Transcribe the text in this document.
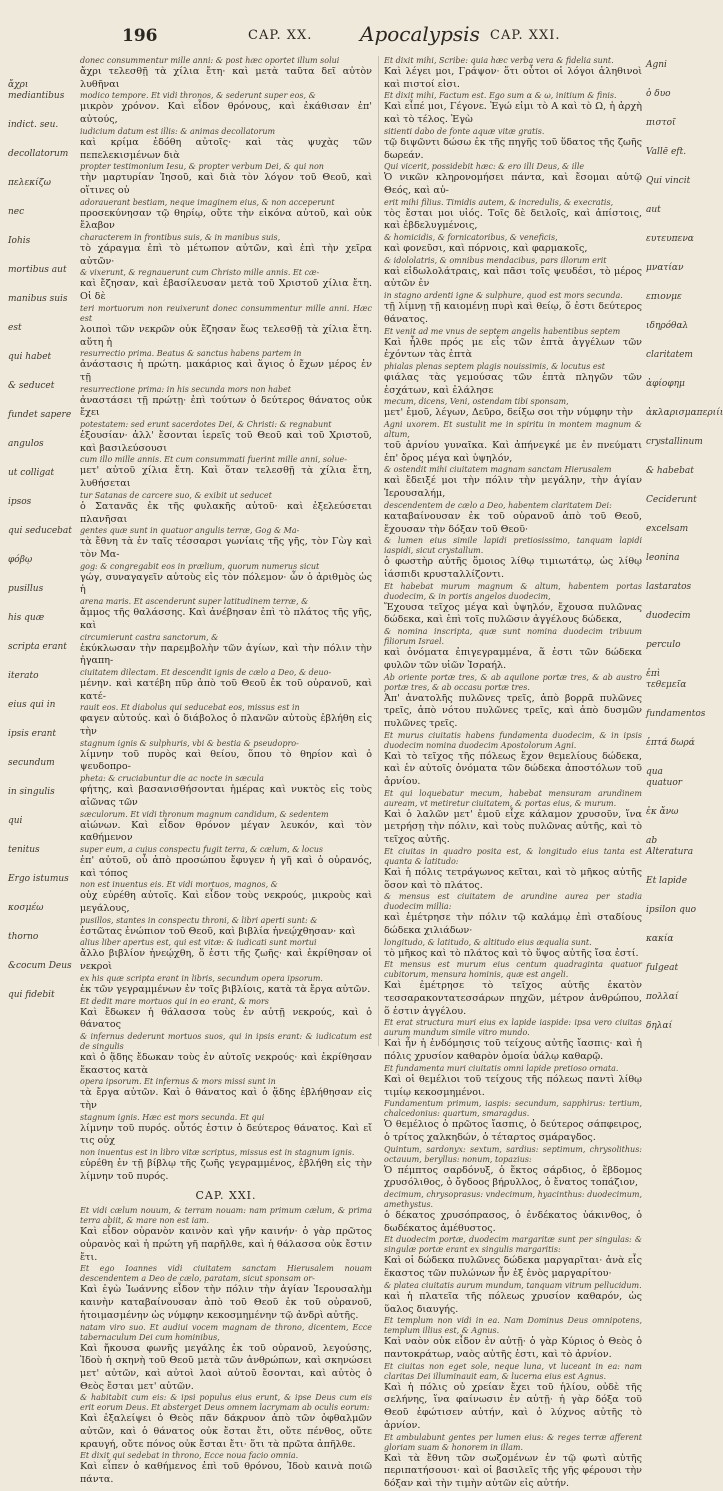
196	CAP. XX. Apocalypsis CAP. XXI.
ἄχρι mediantibus
indict. seu.
decollatorum
πελεκίζω
nec
Iohis
mortibus aut
manibus suis
est
qui habet
& seducet
fundet sapere
angulos
ut colligat
ipsos
qui seducebat
φόβῳ
pusillus
his quæ
scripta erant
iterato
eius qui in
ipsis erant
secundum
in singulis
qui
tenitus
Ergo istumus
κοσμέω
thorno
&cocum Deus
qui fidebit
Agni
ὁ δυο
πιστοῖ
Vallē eft.
Qui vincit
aut
ευτευπενα
μνατίαν
επιονμε
ιδηρόθαλ
claritatem
ἀφίοφημ
ἀκλαρισμαπεριίι
crystallinum
& habebat
Ceciderunt
excelsam
leonina
lastaratos
duodecim
perculo
ἐπὶ τεθεμεῖα
fundamentos
ἑπτά δωρά
qua quatuor
ἐκ ἄνω
ab Alteratura
Et lapide
ipsilon quo
κακία
fulgeat
πολλαί
δηλαί
donec consummentur mille anni: & post hæc oportet illum solui
ἄχρι τελεσθῇ τὰ χίλια ἔτη· καὶ μετὰ ταῦτα δεῖ αὐτὸν λυθῆναι
modico tempore. Et vidi thronos, & sederunt super eos, &
μικρὸν χρόνον. Καὶ εἶδον θρόνους, καὶ ἐκάθισαν ἐπ' αὐτούς,
iudicium datum est illis: & animas decollatorum
καὶ κρίμα ἐδόθη αὐτοῖς· καὶ τὰς ψυχὰς τῶν πεπελεκισμένων διὰ
propter testimonium Iesu, & propter verbum Dei, & qui non
τὴν μαρτυρίαν Ἰησοῦ, καὶ διὰ τὸν λόγον τοῦ Θεοῦ, καὶ οἵτινες οὐ
adorauerant bestiam, neque imaginem eius, & non acceperunt
προσεκύνησαν τῷ θηρίῳ, οὔτε τὴν εἰκόνα αὐτοῦ, καὶ οὐκ ἔλαβον
characterem in frontibus suis, & in manibus suis,
τὸ χάραγμα ἐπὶ τὸ μέτωπον αὐτῶν, καὶ ἐπὶ τὴν χεῖρα αὐτῶν·
& vixerunt, & regnauerunt cum Christo mille annis. Et cæ-
καὶ ἔζησαν, καὶ ἐβασίλευσαν μετὰ τοῦ Χριστοῦ χίλια ἔτη. Οἱ δὲ
teri mortuorum non reuixerunt donec consummentur mille anni. Hæc est
λοιποὶ τῶν νεκρῶν οὐκ ἔζησαν ἕως τελεσθῇ τὰ χίλια ἔτη. αὕτη ἡ
resurrectio prima. Beatus & sanctus habens partem in
ἀνάστασις ἡ πρώτη. μακάριος καὶ ἅγιος ὁ ἔχων μέρος ἐν τῇ
resurrectione prima: in his secunda mors non habet
ἀναστάσει τῇ πρώτῃ· ἐπὶ τούτων ὁ δεύτερος θάνατος οὐκ ἔχει
potestatem: sed erunt sacerdotes Dei, & Christi: & regnabunt
ἐξουσίαν· ἀλλ' ἔσονται ἱερεῖς τοῦ Θεοῦ καὶ τοῦ Χριστοῦ, καὶ βασιλεύσουσι
cum illo mille annis. Et cum consummati fuerint mille anni, solue-
μετ' αὐτοῦ χίλια ἔτη. Καὶ ὅταν τελεσθῇ τὰ χίλια ἔτη, λυθήσεται
tur Satanas de carcere suo, & exibit ut seducet
ὁ Σατανᾶς ἐκ τῆς φυλακῆς αὐτοῦ· καὶ ἐξελεύσεται πλανῆσαι
gentes quæ sunt in quatuor angulis terræ, Gog & Ma-
τὰ ἔθνη τὰ ἐν ταῖς τέσσαρσι γωνίαις τῆς γῆς, τὸν Γὼγ καὶ τὸν Μα-
gog: & congregabit eos in prælium, quorum numerus sicut
γώγ, συναγαγεῖν αὐτοὺς εἰς τὸν πόλεμον· ὧν ὁ ἀριθμὸς ὡς ἡ
arena maris. Et ascenderunt super latitudinem terræ, &
ἄμμος τῆς θαλάσσης. Καὶ ἀνέβησαν ἐπὶ τὸ πλάτος τῆς γῆς, καὶ
circumierunt castra sanctorum, &
ἐκύκλωσαν τὴν παρεμβολὴν τῶν ἁγίων, καὶ τὴν πόλιν τὴν ἠγαπη-
ciuitatem dilectam. Et descendit ignis de cælo a Deo, & deuo-
μένην. καὶ κατέβη πῦρ ἀπὸ τοῦ Θεοῦ ἐκ τοῦ οὐρανοῦ, καὶ κατέ-
rauit eos. Et diabolus qui seducebat eos, missus est in
φαγεν αὐτούς. καὶ ὁ διάβολος ὁ πλανῶν αὐτοὺς ἐβλήθη εἰς τὴν
stagnum ignis & sulphuris, vbi & bestia & pseudopro-
λίμνην τοῦ πυρὸς καὶ θείου, ὅπου τὸ θηρίον καὶ ὁ ψευδοπρο-
pheta: & cruciabuntur die ac nocte in sæcula
φήτης, καὶ βασανισθήσονται ἡμέρας καὶ νυκτὸς εἰς τοὺς αἰῶνας τῶν
sæculorum. Et vidi thronum magnum candidum, & sedentem
αἰώνων. Καὶ εἶδον θρόνον μέγαν λευκόν, καὶ τὸν καθήμενον
super eum, a cuius conspectu fugit terra, & cælum, & locus
ἐπ' αὐτοῦ, οὗ ἀπὸ προσώπου ἔφυγεν ἡ γῆ καὶ ὁ οὐρανός, καὶ τόπος
non est inuentus eis. Et vidi mortuos, magnos, &
οὐχ εὑρέθη αὐτοῖς. Καὶ εἶδον τοὺς νεκρούς, μικροὺς καὶ μεγάλους,
pusillos, stantes in conspectu throni, & libri aperti sunt: &
ἑστῶτας ἐνώπιον τοῦ Θεοῦ, καὶ βιβλία ἠνεῴχθησαν· καὶ
alius liber apertus est, qui est vitæ: & iudicati sunt mortui
ἄλλο βιβλίον ἠνεῴχθη, ὅ ἐστι τῆς ζωῆς· καὶ ἐκρίθησαν οἱ νεκροὶ
ex his quæ scripta erant in libris, secundum opera ipsorum.
ἐκ τῶν γεγραμμένων ἐν τοῖς βιβλίοις, κατὰ τὰ ἔργα αὐτῶν.
Et dedit mare mortuos qui in eo erant, & mors
Καὶ ἔδωκεν ἡ θάλασσα τοὺς ἐν αὐτῇ νεκρούς, καὶ ὁ θάνατος
& infernus dederunt mortuos suos, qui in ipsis erant: & iudicatum est de singulis
καὶ ὁ ᾅδης ἔδωκαν τοὺς ἐν αὐτοῖς νεκρούς· καὶ ἐκρίθησαν ἕκαστος κατὰ
opera ipsorum. Et infernus & mors missi sunt in
τὰ ἔργα αὐτῶν. Καὶ ὁ θάνατος καὶ ὁ ᾅδης ἐβλήθησαν εἰς τὴν
stagnum ignis. Hæc est mors secunda. Et qui
λίμνην τοῦ πυρός. οὗτός ἐστιν ὁ δεύτερος θάνατος. Καὶ εἴ τις οὐχ
non inuentus est in libro vitæ scriptus, missus est in stagnum ignis.
εὑρέθη ἐν τῇ βίβλῳ τῆς ζωῆς γεγραμμένος, ἐβλήθη εἰς τὴν λίμνην τοῦ πυρός.
CAP. XXI.
Et vidi cælum nouum, & terram nouam: nam primum cælum, & prima terra abiit, & mare non est iam.
Καὶ εἶδον οὐρανὸν καινὸν καὶ γῆν καινήν· ὁ γὰρ πρῶτος οὐρανὸς καὶ ἡ πρώτη γῆ παρῆλθε, καὶ ἡ θάλασσα οὐκ ἔστιν ἔτι.
Et ego Ioannes vidi ciuitatem sanctam Hierusalem nouam descendentem a Deo de cælo, paratam, sicut sponsam or-
Καὶ ἐγὼ Ἰωάννης εἶδον τὴν πόλιν τὴν ἁγίαν Ἱερουσαλὴμ καινὴν καταβαίνουσαν ἀπὸ τοῦ Θεοῦ ἐκ τοῦ οὐρανοῦ, ἡτοιμασμένην ὡς νύμφην κεκοσμημένην τῷ ἀνδρὶ αὐτῆς.
natam viro suo. Et audiui vocem magnam de throno, dicentem, Ecce tabernaculum Dei cum hominibus,
Καὶ ἤκουσα φωνῆς μεγάλης ἐκ τοῦ οὐρανοῦ, λεγούσης, Ἰδοὺ ἡ σκηνὴ τοῦ Θεοῦ μετὰ τῶν ἀνθρώπων, καὶ σκηνώσει μετ' αὐτῶν, καὶ αὐτοὶ λαοὶ αὐτοῦ ἔσονται, καὶ αὐτὸς ὁ Θεὸς ἔσται μετ' αὐτῶν.
& habitabit cum eis: & ipsi populus eius erunt, & ipse Deus cum eis erit eorum Deus. Et absterget Deus omnem lacrymam ab oculis eorum:
Καὶ ἐξαλείψει ὁ Θεὸς πᾶν δάκρυον ἀπὸ τῶν ὀφθαλμῶν αὐτῶν, καὶ ὁ θάνατος οὐκ ἔσται ἔτι, οὔτε πένθος, οὔτε κραυγή, οὔτε πόνος οὐκ ἔσται ἔτι· ὅτι τὰ πρῶτα ἀπῆλθε.
Et dixit qui sedebat in throno, Ecce noua facio omnia.
Καὶ εἶπεν ὁ καθήμενος ἐπὶ τοῦ θρόνου, Ἰδοὺ καινὰ ποιῶ πάντα.
Et dixit mihi, Scribe: quia hæc verba vera & fidelia sunt.
Καὶ λέγει μοι, Γράψον· ὅτι οὗτοι οἱ λόγοι ἀληθινοὶ καὶ πιστοί εἰσι.
Et dixit mihi, Factum est. Ego sum α & ω, initium & finis.
Καὶ εἶπέ μοι, Γέγονε. Ἐγώ εἰμι τὸ Α καὶ τὸ Ω, ἡ ἀρχὴ καὶ τὸ τέλος. Ἐγὼ
sitienti dabo de fonte aquæ vitæ gratis.
τῷ διψῶντι δώσω ἐκ τῆς πηγῆς τοῦ ὕδατος τῆς ζωῆς δωρεάν.
Qui vicerit, possidebit hæc: & ero illi Deus, & ille
Ὁ νικῶν κληρονομήσει πάντα, καὶ ἔσομαι αὐτῷ Θεός, καὶ αὐ-
erit mihi filius. Timidis autem, & incredulis, & execratis,
τὸς ἔσται μοι υἱός. Τοῖς δὲ δειλοῖς, καὶ ἀπίστοις, καὶ ἐβδελυγμένοις,
& homicidis, & fornicatoribus, & veneficis,
καὶ φονεῦσι, καὶ πόρνοις, καὶ φαρμακοῖς,
& idololatris, & omnibus mendacibus, pars illorum erit
καὶ εἰδωλολάτραις, καὶ πᾶσι τοῖς ψευδέσι, τὸ μέρος αὐτῶν ἐν
in stagno ardenti igne & sulphure, quod est mors secunda.
τῇ λίμνῃ τῇ καιομένῃ πυρὶ καὶ θείῳ, ὅ ἐστι δεύτερος θάνατος.
Et venit ad me vnus de septem angelis habentibus septem
Καὶ ἦλθε πρός με εἷς τῶν ἑπτὰ ἀγγέλων τῶν ἐχόντων τὰς ἑπτὰ
phialas plenas septem plagis nouissimis, & locutus est
φιάλας τὰς γεμούσας τῶν ἑπτὰ πληγῶν τῶν ἐσχάτων, καὶ ἐλάλησε
mecum, dicens, Veni, ostendam tibi sponsam,
μετ' ἐμοῦ, λέγων, Δεῦρο, δείξω σοι τὴν νύμφην τὴν
Agni uxorem. Et sustulit me in spiritu in montem magnum & altum,
τοῦ ἀρνίου γυναῖκα. Καὶ ἀπήνεγκέ με ἐν πνεύματι ἐπ' ὄρος μέγα καὶ ὑψηλόν,
& ostendit mihi ciuitatem magnam sanctam Hierusalem
καὶ ἔδειξέ μοι τὴν πόλιν τὴν μεγάλην, τὴν ἁγίαν Ἱερουσαλήμ,
descendentem de cælo a Deo, habentem claritatem Dei:
καταβαίνουσαν ἐκ τοῦ οὐρανοῦ ἀπὸ τοῦ Θεοῦ, ἔχουσαν τὴν δόξαν τοῦ Θεοῦ·
& lumen eius simile lapidi pretiosissimo, tanquam lapidi iaspidi, sicut crystallum.
ὁ φωστὴρ αὐτῆς ὅμοιος λίθῳ τιμιωτάτῳ, ὡς λίθῳ ἰάσπιδι κρυσταλλίζοντι.
Et habebat murum magnum & altum, habentem portas duodecim, & in portis angelos duodecim,
Ἔχουσα τεῖχος μέγα καὶ ὑψηλόν, ἔχουσα πυλῶνας δώδεκα, καὶ ἐπὶ τοῖς πυλῶσιν ἀγγέλους δώδεκα,
& nomina inscripta, quæ sunt nomina duodecim tribuum filiorum Israel.
καὶ ὀνόματα ἐπιγεγραμμένα, ἅ ἐστι τῶν δώδεκα φυλῶν τῶν υἱῶν Ἰσραήλ.
Ab oriente portæ tres, & ab aquilone portæ tres, & ab austro portæ tres, & ab occasu portæ tres.
Ἀπ' ἀνατολῆς πυλῶνες τρεῖς, ἀπὸ βορρᾶ πυλῶνες τρεῖς, ἀπὸ νότου πυλῶνες τρεῖς, καὶ ἀπὸ δυσμῶν πυλῶνες τρεῖς.
Et murus ciuitatis habens fundamenta duodecim, & in ipsis duodecim nomina duodecim Apostolorum Agni.
Καὶ τὸ τεῖχος τῆς πόλεως ἔχον θεμελίους δώδεκα, καὶ ἐν αὐτοῖς ὀνόματα τῶν δώδεκα ἀποστόλων τοῦ ἀρνίου.
Et qui loquebatur mecum, habebat mensuram arundinem auream, vt metiretur ciuitatem, & portas eius, & murum.
Καὶ ὁ λαλῶν μετ' ἐμοῦ εἶχε κάλαμον χρυσοῦν, ἵνα μετρήσῃ τὴν πόλιν, καὶ τοὺς πυλῶνας αὐτῆς, καὶ τὸ τεῖχος αὐτῆς.
Et ciuitas in quadro posita est, & longitudo eius tanta est quanta & latitudo:
Καὶ ἡ πόλις τετράγωνος κεῖται, καὶ τὸ μῆκος αὐτῆς ὅσον καὶ τὸ πλάτος.
& mensus est ciuitatem de arundine aurea per stadia duodecim millia:
καὶ ἐμέτρησε τὴν πόλιν τῷ καλάμῳ ἐπὶ σταδίους δώδεκα χιλιάδων·
longitudo, & latitudo, & altitudo eius æqualia sunt.
τὸ μῆκος καὶ τὸ πλάτος καὶ τὸ ὕψος αὐτῆς ἴσα ἐστί.
Et mensus est murum eius centum quadraginta quatuor cubitorum, mensura hominis, quæ est angeli.
Καὶ ἐμέτρησε τὸ τεῖχος αὐτῆς ἑκατὸν τεσσαρακοντατεσσάρων πηχῶν, μέτρον ἀνθρώπου, ὅ ἐστιν ἀγγέλου.
Et erat structura muri eius ex lapide iaspide: ipsa vero ciuitas aurum mundum simile vitro mundo.
Καὶ ἦν ἡ ἐνδόμησις τοῦ τείχους αὐτῆς ἴασπις· καὶ ἡ πόλις χρυσίον καθαρὸν ὁμοία ὑάλῳ καθαρῷ.
Et fundamenta muri ciuitatis omni lapide pretioso ornata.
Καὶ οἱ θεμέλιοι τοῦ τείχους τῆς πόλεως παντὶ λίθῳ τιμίῳ κεκοσμημένοι.
Fundamentum primum, iaspis: secundum, sapphirus: tertium, chalcedonius: quartum, smaragdus.
Ὁ θεμέλιος ὁ πρῶτος ἴασπις, ὁ δεύτερος σάπφειρος, ὁ τρίτος χαλκηδών, ὁ τέταρτος σμάραγδος.
Quintum, sardonyx: sextum, sardius: septimum, chrysolithus: octauum, beryllus: nonum, topazius:
Ὁ πέμπτος σαρδόνυξ, ὁ ἕκτος σάρδιος, ὁ ἕβδομος χρυσόλιθος, ὁ ὄγδοος βήρυλλος, ὁ ἔνατος τοπάζιον,
decimum, chrysoprasus: vndecimum, hyacinthus: duodecimum, amethystus.
ὁ δέκατος χρυσόπρασος, ὁ ἑνδέκατος ὑάκινθος, ὁ δωδέκατος ἀμέθυστος.
Et duodecim portæ, duodecim margaritæ sunt per singulas: & singulæ portæ erant ex singulis margaritis:
Καὶ οἱ δώδεκα πυλῶνες δώδεκα μαργαρῖται· ἀνὰ εἷς ἕκαστος τῶν πυλώνων ἦν ἐξ ἑνὸς μαργαρίτου·
& platea ciuitatis aurum mundum, tanquam vitrum pellucidum.
καὶ ἡ πλατεῖα τῆς πόλεως χρυσίον καθαρόν, ὡς ὕαλος διαυγής.
Et templum non vidi in ea. Nam Dominus Deus omnipotens, templum illius est, & Agnus.
Καὶ ναὸν οὐκ εἶδον ἐν αὐτῇ· ὁ γὰρ Κύριος ὁ Θεὸς ὁ παντοκράτωρ, ναὸς αὐτῆς ἐστι, καὶ τὸ ἀρνίον.
Et ciuitas non eget sole, neque luna, vt luceant in ea: nam claritas Dei illuminauit eam, & lucerna eius est Agnus.
Καὶ ἡ πόλις οὐ χρείαν ἔχει τοῦ ἡλίου, οὐδὲ τῆς σελήνης, ἵνα φαίνωσιν ἐν αὐτῇ· ἡ γὰρ δόξα τοῦ Θεοῦ ἐφώτισεν αὐτήν, καὶ ὁ λύχνος αὐτῆς τὸ ἀρνίον.
Et ambulabunt gentes per lumen eius: & reges terræ afferent gloriam suam & honorem in illam.
Καὶ τὰ ἔθνη τῶν σωζομένων ἐν τῷ φωτὶ αὐτῆς περιπατήσουσι· καὶ οἱ βασιλεῖς τῆς γῆς φέρουσι τὴν δόξαν καὶ τὴν τιμὴν αὐτῶν εἰς αὐτήν.
